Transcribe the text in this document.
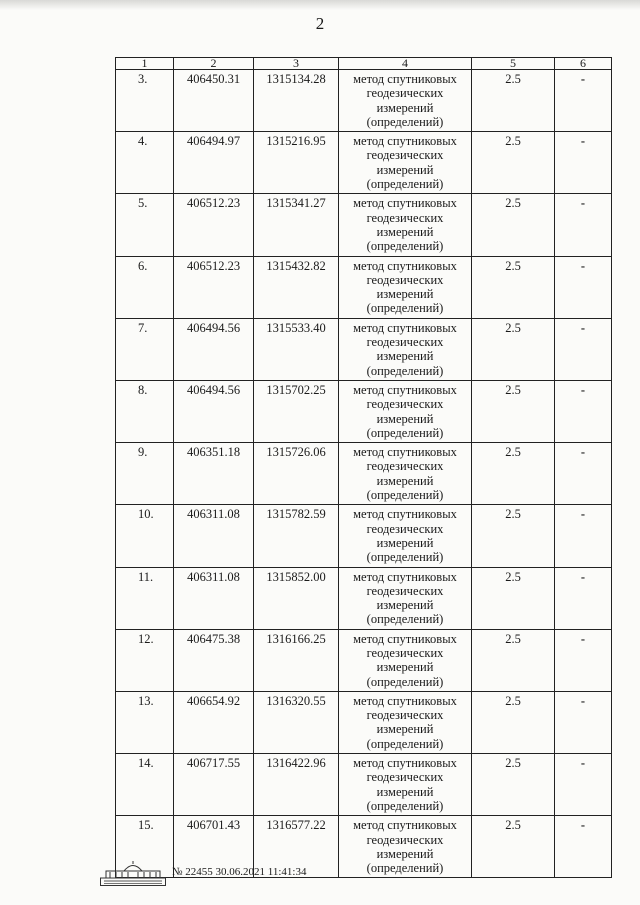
2
1	2	3	4	5	6
3.	406450.31	1315134.28	метод спутниковых геодезических измерений (определений)	2.5	-
4.	406494.97	1315216.95	метод спутниковых геодезических измерений (определений)	2.5	-
5.	406512.23	1315341.27	метод спутниковых геодезических измерений (определений)	2.5	-
6.	406512.23	1315432.82	метод спутниковых геодезических измерений (определений)	2.5	-
7.	406494.56	1315533.40	метод спутниковых геодезических измерений (определений)	2.5	-
8.	406494.56	1315702.25	метод спутниковых геодезических измерений (определений)	2.5	-
9.	406351.18	1315726.06	метод спутниковых геодезических измерений (определений)	2.5	-
10.	406311.08	1315782.59	метод спутниковых геодезических измерений (определений)	2.5	-
11.	406311.08	1315852.00	метод спутниковых геодезических измерений (определений)	2.5	-
12.	406475.38	1316166.25	метод спутниковых геодезических измерений (определений)	2.5	-
13.	406654.92	1316320.55	метод спутниковых геодезических измерений (определений)	2.5	-
14.	406717.55	1316422.96	метод спутниковых геодезических измерений (определений)	2.5	-
15.	406701.43	1316577.22	метод спутниковых геодезических измерений (определений)	2.5	-
№ 22455 30.06.2021 11:41:34
